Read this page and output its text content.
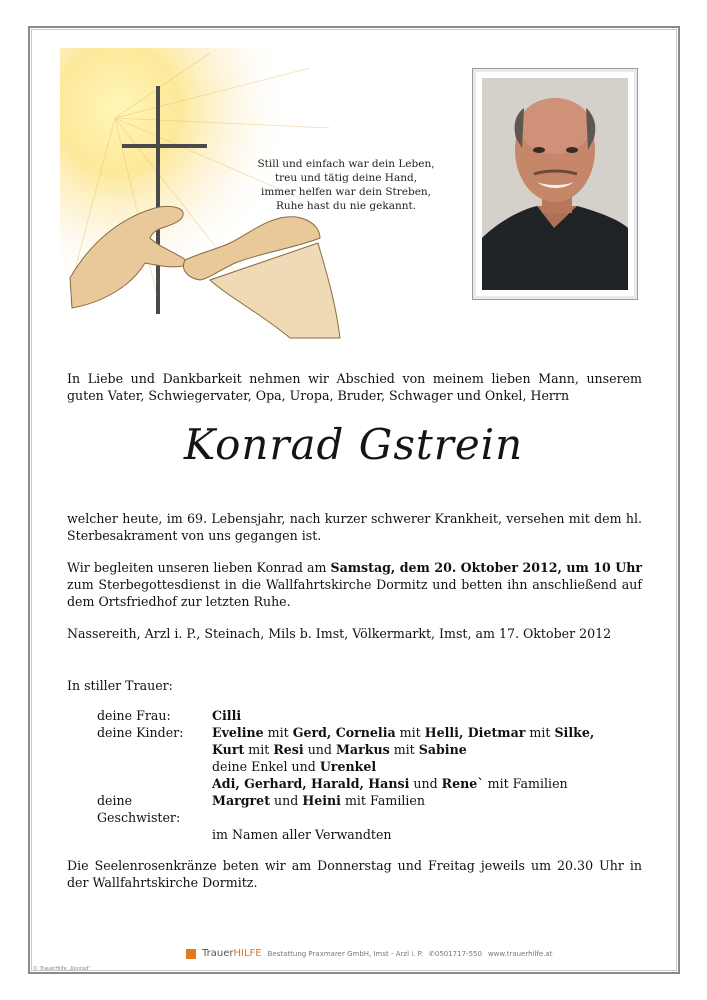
Still und einfach war dein Leben,
treu und tätig deine Hand,
immer helfen war dein Streben,
Ruhe hast du nie gekannt.
In Liebe und Dankbarkeit nehmen wir Abschied von meinem lieben Mann, unserem guten Vater, Schwiegervater, Opa, Uropa, Bruder, Schwager und Onkel, Herrn
Konrad Gstrein
welcher heute, im 69. Lebensjahr, nach kurzer schwerer Krankheit, versehen mit dem hl. Sterbesakrament von uns gegangen ist.
Wir begleiten unseren lieben Konrad am Samstag, dem 20. Oktober 2012, um 10 Uhr zum Sterbegottesdienst in die Wallfahrtskirche Dormitz und betten ihn anschließend auf dem Ortsfriedhof zur letzten Ruhe.
Nassereith, Arzl i. P., Steinach, Mils b. Imst, Völkermarkt, Imst, am 17. Oktober 2012
In stiller Trauer:
deine Frau:	Cilli
deine Kinder:	Eveline mit Gerd, Cornelia mit Helli, Dietmar mit Silke,
Kurt mit Resi und Markus mit Sabine
deine Enkel und Urenkel
Adi, Gerhard, Harald, Hansi und Rene` mit Familien
deine Geschwister:
Margret und Heini mit Familien
im Namen aller Verwandten
Die Seelenrosenkränze beten wir am Donnerstag und Freitag jeweils um 20.30 Uhr in der Wallfahrtskirche Dormitz.
TrauerHILFE Bestattung Praxmarer GmbH, Imst - Arzl i. P. ✆0501717-550 www.trauerhilfe.at
© TrauerHilfe „Konrad“
